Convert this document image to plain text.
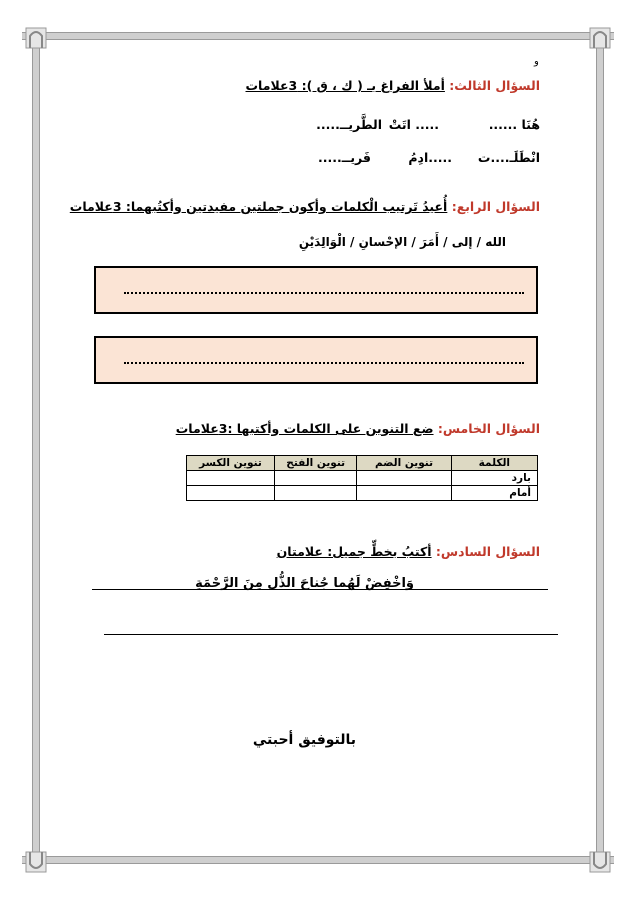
و
السؤال الثالث: أملأ الفراغ بـ ( ك ، ق ): 3علامات
هُنَا ......
..... اتَتْ
الطَّريــ.....
انْطَلَـ....ت
.....ادِمُ
فَريــ.....
السؤال الرابع: أُعيدُ تَرتيب الْكلمات وأكون جملتين مفيدتين وأكتُبهما: 3علامات
الله / إلى / أَمَرَ / الإحْسانِ / الْوَالِدَيْنِ
السؤال الخامس: ضع التنوين على الكلمات وأكتبها :3علامات
الكلمة	تنوين الضم	تنوين الفتح	تنوين الكسر
بارد			
أمام			
السؤال السادس: أكتبُ بخطٍّ جميل: علامتان
وَاخْفِضْ لَهُما جُناحَ الذُّل مِنَ الرَّحْمَةِ
بالتوفيق أحبتي
